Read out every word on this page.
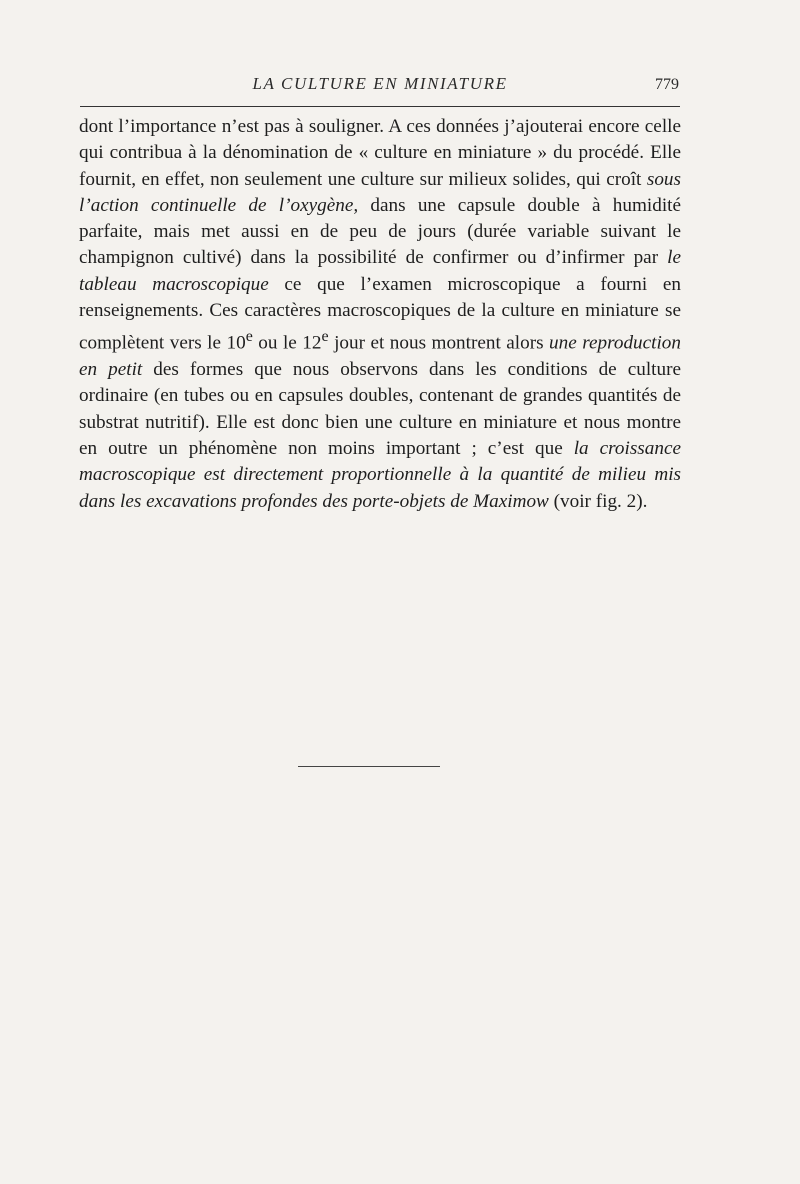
LA CULTURE EN MINIATURE	779

dont l’importance n’est pas à souligner. A ces données j’ajouterai encore celle qui contribua à la dénomination de « culture en miniature » du procédé. Elle fournit, en effet, non seulement une culture sur milieux solides, qui croît sous l’action continuelle de l’oxygène, dans une capsule double à humidité parfaite, mais met aussi en de peu de jours (durée variable suivant le champignon cultivé) dans la possibilité de confirmer ou d’infirmer par le tableau macroscopique ce que l’examen microscopique a fourni en renseignements. Ces caractères macroscopiques de la culture en miniature se complètent vers le 10e ou le 12e jour et nous montrent alors une reproduction en petit des formes que nous observons dans les conditions de culture ordinaire (en tubes ou en capsules doubles, contenant de grandes quantités de substrat nutritif). Elle est donc bien une culture en miniature et nous montre en outre un phénomène non moins important ; c’est que la croissance macroscopique est directement proportionnelle à la quantité de milieu mis dans les excavations profondes des porte-objets de Maximow (voir fig. 2).
